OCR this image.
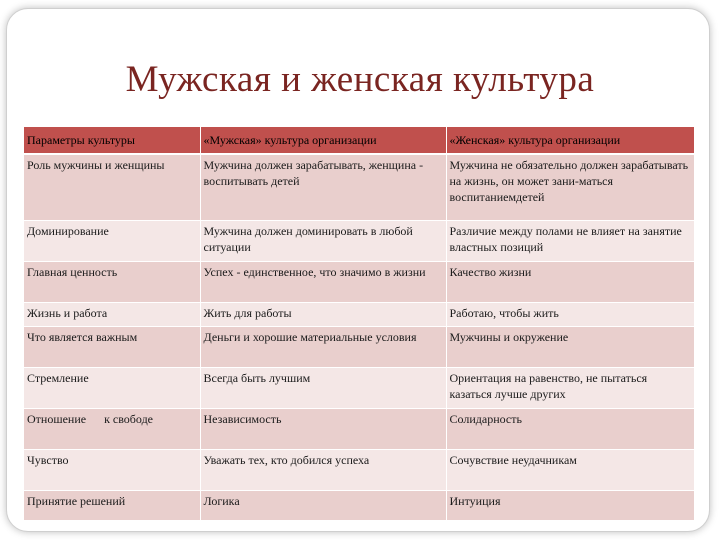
Мужская и женская культура
Параметры культуры	«Мужская» культура организации	«Женская» культура организации
Роль мужчины и женщины	Мужчина должен зарабатывать, женщина - воспитывать детей	Мужчина не обязательно должен зарабатывать на жизнь, он может зани-маться воспитаниемдетей
Доминирование	Мужчина должен доминировать в любой ситуации	Различие между полами не влияет на занятие властных позиций
Главная ценность	Успех - единственное, что значимо в жизни	Качество жизни
Жизнь и работа	Жить для работы	Работаю, чтобы жить
Что является важным	Деньги и хорошие материальные условия	Мужчины и окружение
Стремление	Всегда быть лучшим	Ориентация на равенство, не пытаться казаться лучше других
Отношение      к свободе	Независимость	Солидарность
Чувство	Уважать тех, кто добился успеха	Сочувствие неудачникам
Принятие решений	Логика	Интуиция
